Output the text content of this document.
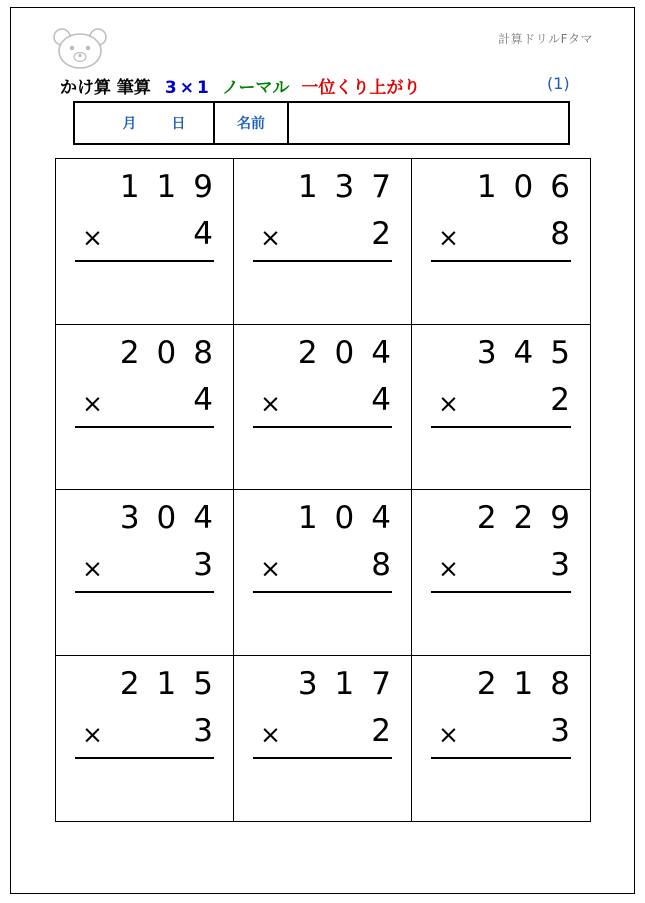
計算ドリルFタマ
かけ算 筆算 3×1 ノーマル 一位くり上がり	(1)
月	日	名前
119
×	4
137
×	2
106
×	8
208
×	4
204
×	4
345
×	2
304
×	3
104
×	8
229
×	3
215
×	3
317
×	2
218
×	3
